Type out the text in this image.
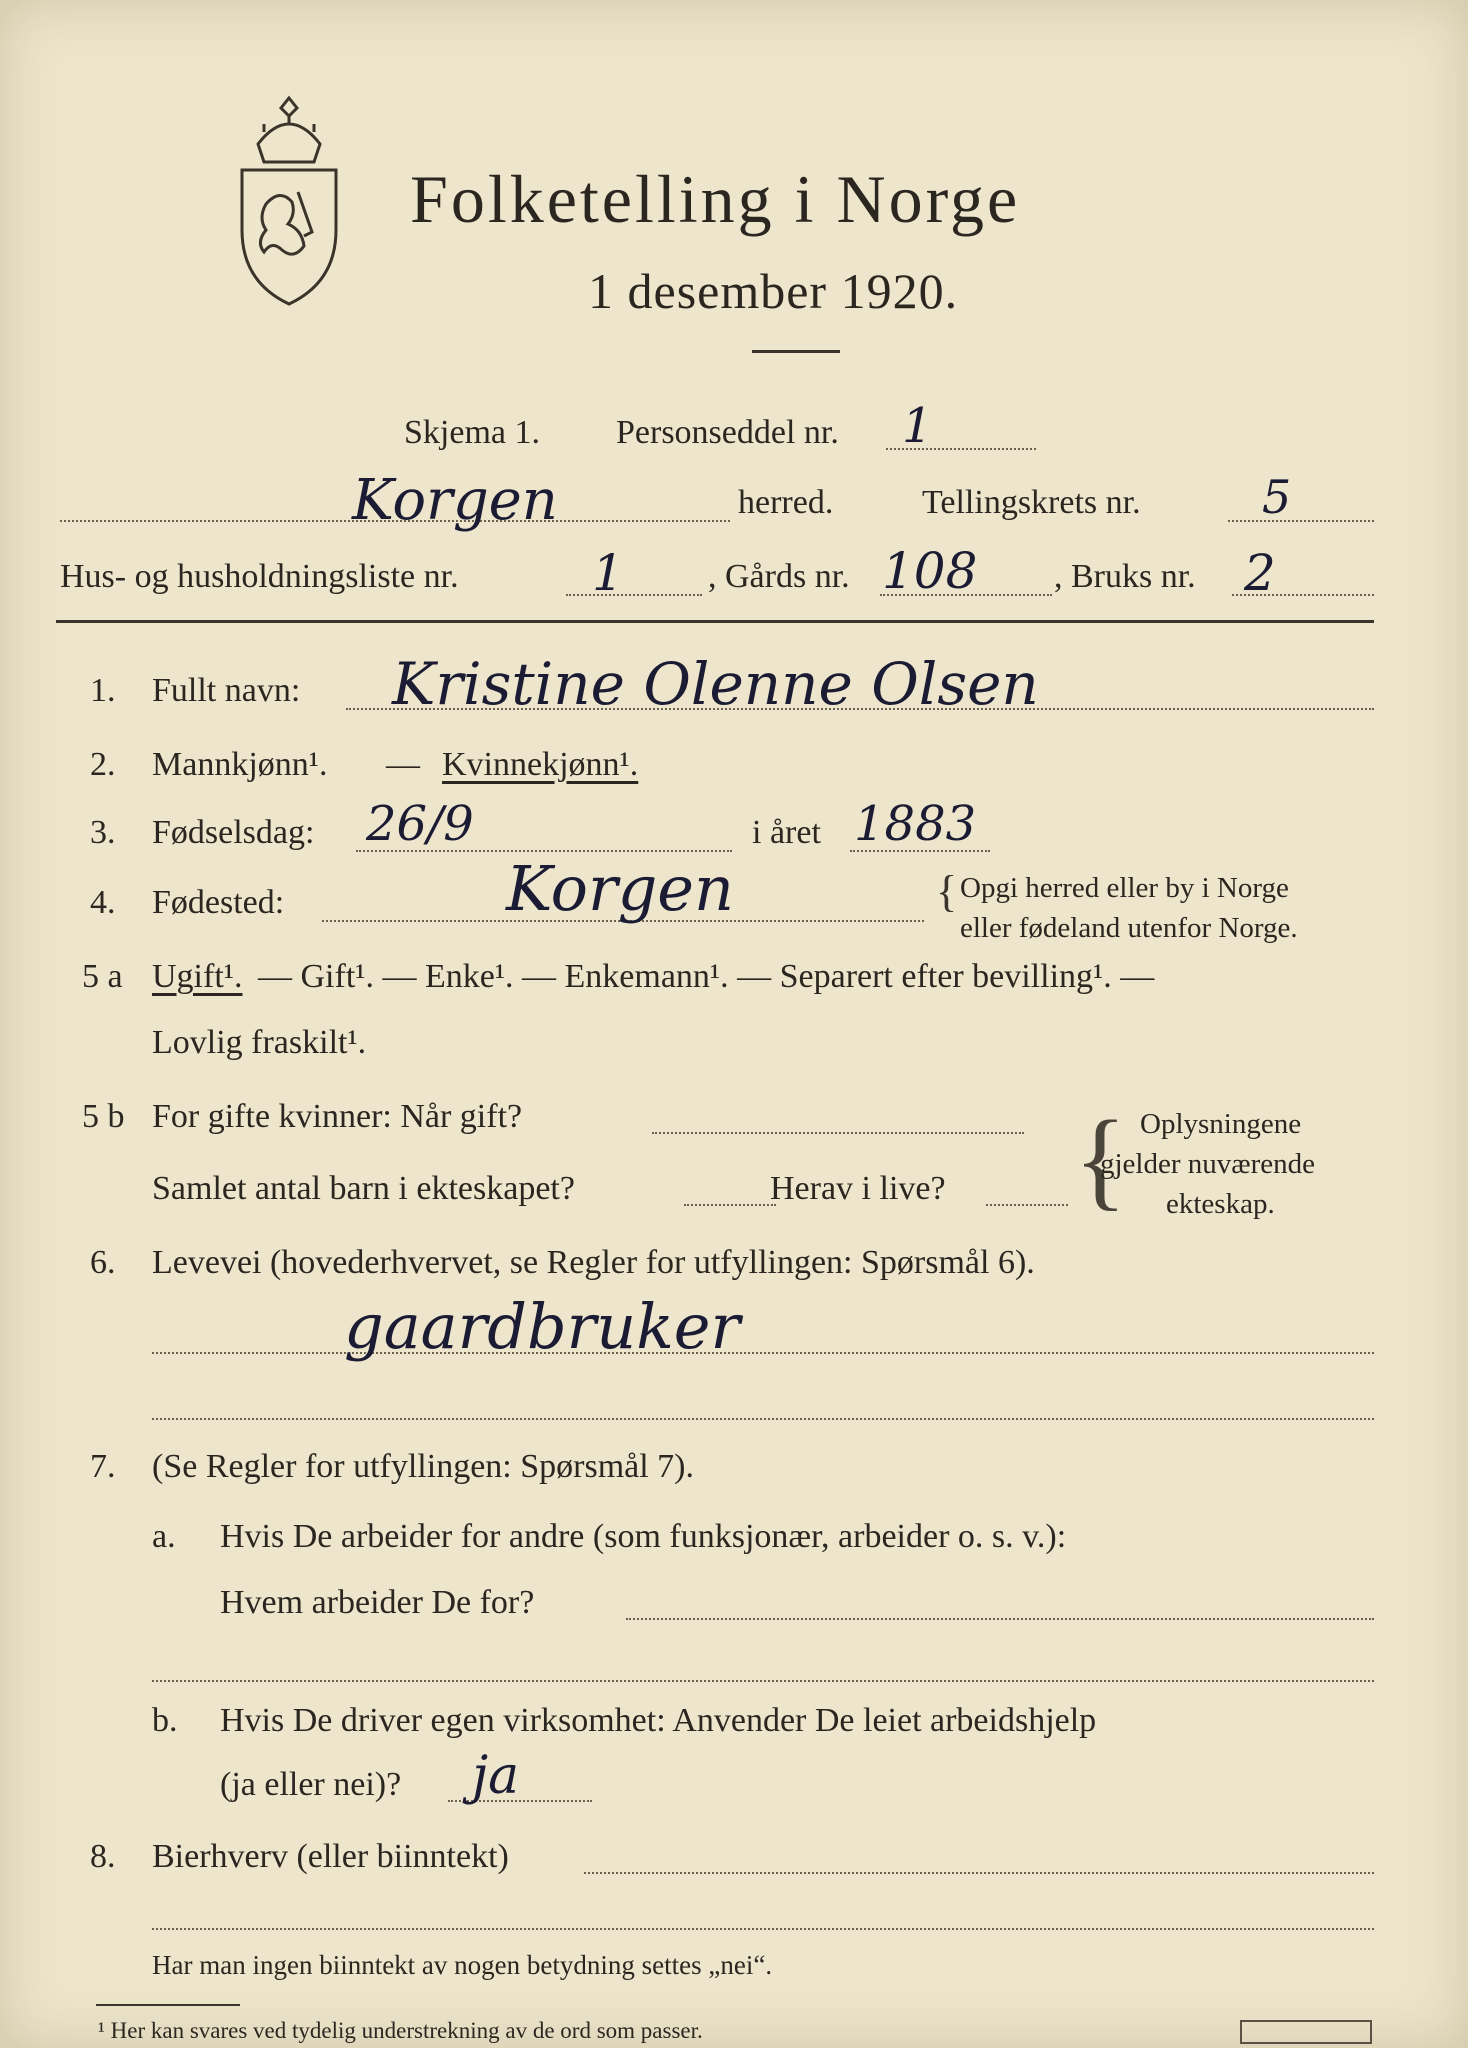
Folketelling i Norge
1 desember 1920.
Skjema 1. Personseddel nr. 1
Korgen	herred.	Tellingskrets nr.	5
Hus- og husholdningsliste nr.	1 , Gårds nr. 108 , Bruks nr. 2
1. Fullt navn: Kristine Olenne Olsen
2. Mannkjønn¹. — Kvinnekjønn¹.
3. Fødselsdag: 26/9	i året 1883
4. Fødested:	Korgen	{ Opgi herred eller by i Norge
eller fødeland utenfor Norge.
5 a Ugift¹. — Gift¹. — Enke¹. — Enkemann¹. — Separert efter bevilling¹. —
Lovlig fraskilt¹.
5 b For gifte kvinner: Når gift?
Samlet antal barn i ekteskapet?	Herav i live? { Oplysningene
gjelder nuværende
ekteskap.
6. Levevei (hovederhvervet, se Regler for utfyllingen: Spørsmål 6).
gaardbruker
7. (Se Regler for utfyllingen: Spørsmål 7).
a. Hvis De arbeider for andre (som funksjonær, arbeider o. s. v.):
Hvem arbeider De for?
b. Hvis De driver egen virksomhet: Anvender De leiet arbeidshjelp
(ja eller nei)? ja
8. Bierhverv (eller biinntekt)
Har man ingen biinntekt av nogen betydning settes „nei“.
¹ Her kan svares ved tydelig understrekning av de ord som passer.
